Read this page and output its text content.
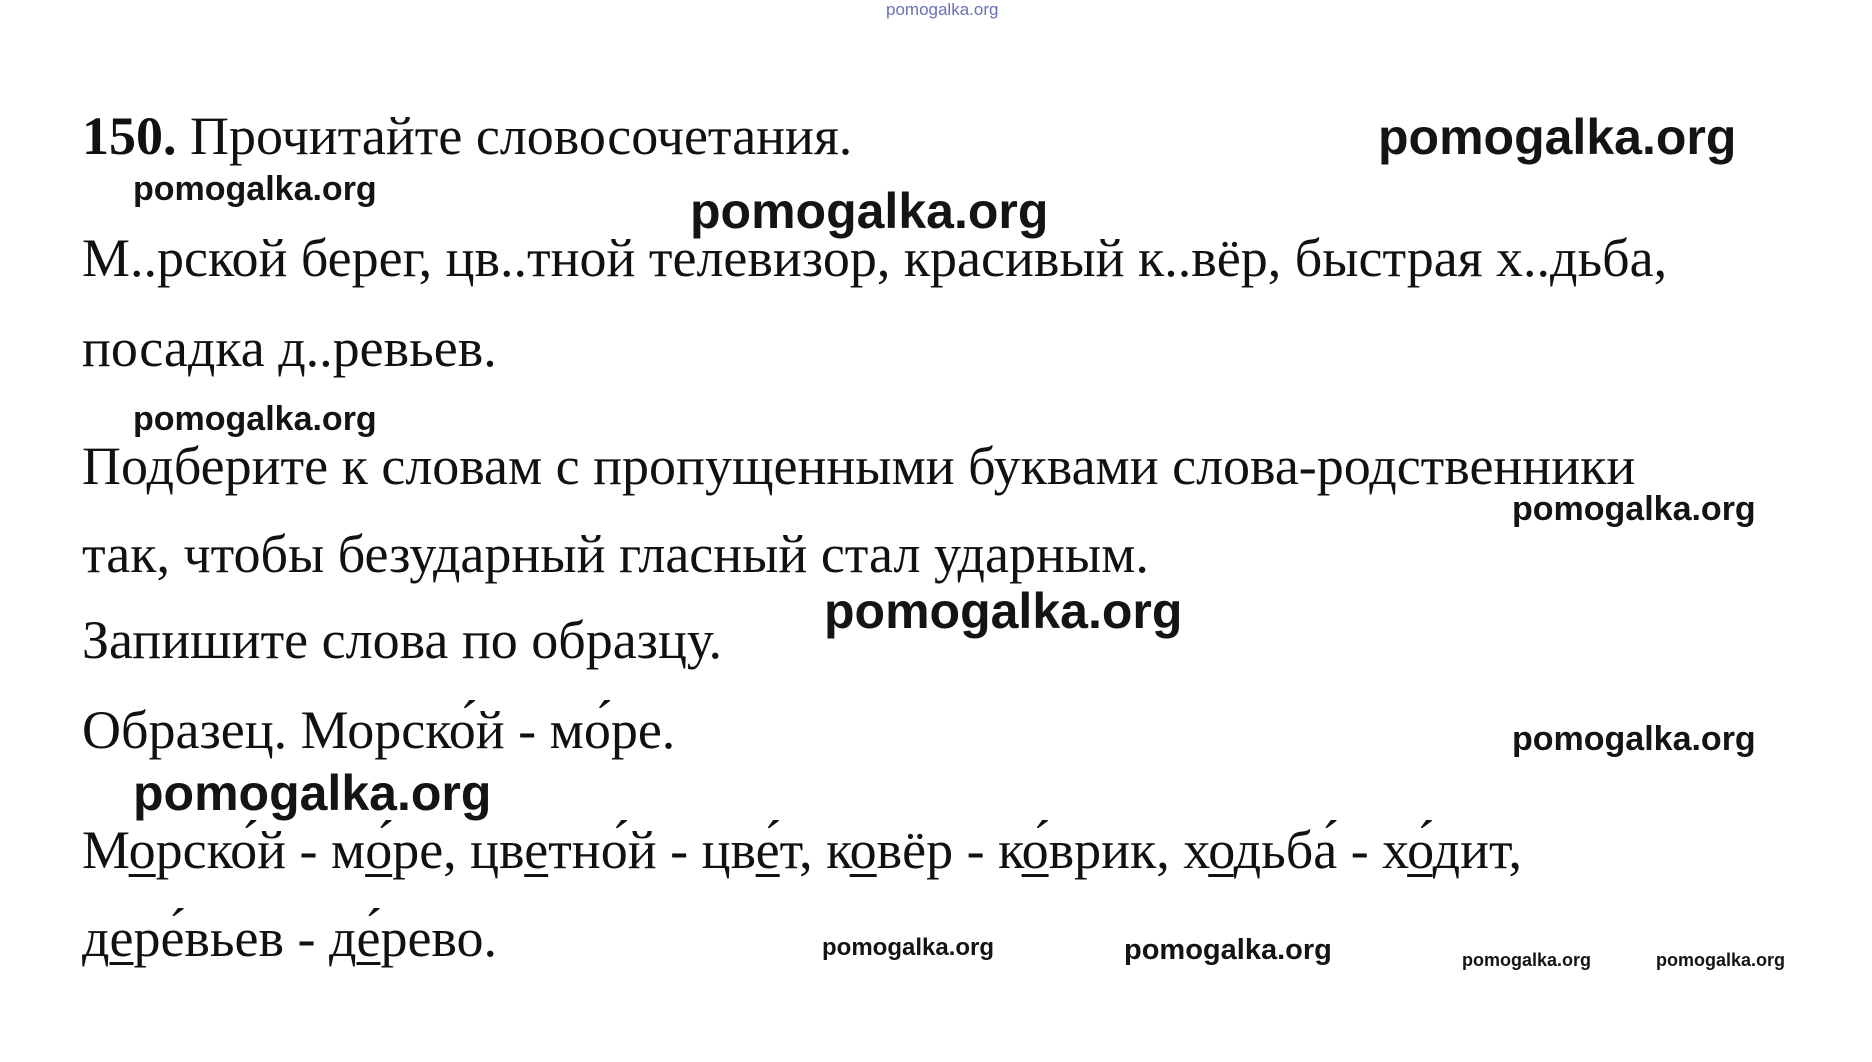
pomogalka.org
pomogalka.org
pomogalka.org	pomogalka.org
pomogalka.org
pomogalka.org
pomogalka.org
pomogalka.org
pomogalka.org
pomogalka.org	pomogalka.org	pomogalka.org	pomogalka.org
150. Прочитайте словосочетания.
М..рской берег, цв..тной телевизор, красивый к..вёр, быстрая х..дьба,
посадка д..ревьев.
Подберите к словам с пропущенными буквами слова-родственники
так, чтобы безударный гласный стал ударным.
Запишите слова по образцу.
Образец. Морско́й - мо́ре.
Морско́й - мо́ре, цветно́й - цве́т, ковёр - ко́врик, ходьба́ - хо́дит,
дере́вьев - де́рево.
